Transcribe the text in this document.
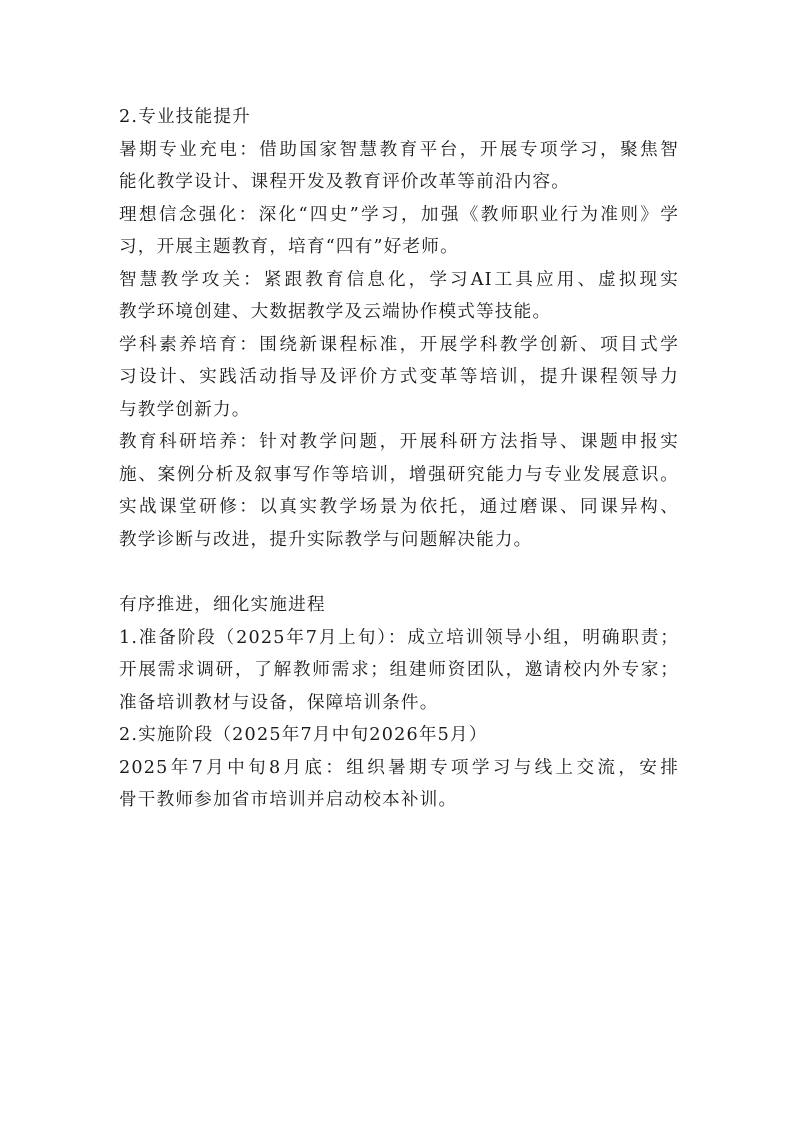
2.专业技能提升

暑期专业充电：借助国家智慧教育平台，开展专项学习，聚焦智

能化教学设计、课程开发及教育评价改革等前沿内容。

理想信念强化：深化“四史”学习，加强《教师职业行为准则》学

习，开展主题教育，培育“四有”好老师。

智慧教学攻关：紧跟教育信息化，学习AI工具应用、虚拟现实

教学环境创建、大数据教学及云端协作模式等技能。

学科素养培育：围绕新课程标准，开展学科教学创新、项目式学

习设计、实践活动指导及评价方式变革等培训，提升课程领导力

与教学创新力。

教育科研培养：针对教学问题，开展科研方法指导、课题申报实

施、案例分析及叙事写作等培训，增强研究能力与专业发展意识。

实战课堂研修：以真实教学场景为依托，通过磨课、同课异构、

教学诊断与改进，提升实际教学与问题解决能力。

有序推进，细化实施进程

1.准备阶段（2025年7月上旬）：成立培训领导小组，明确职责；

开展需求调研，了解教师需求；组建师资团队，邀请校内外专家；

准备培训教材与设备，保障培训条件。

2.实施阶段（2025年7月中旬2026年5月）

2025年7月中旬8月底：组织暑期专项学习与线上交流，安排

骨干教师参加省市培训并启动校本补训。
